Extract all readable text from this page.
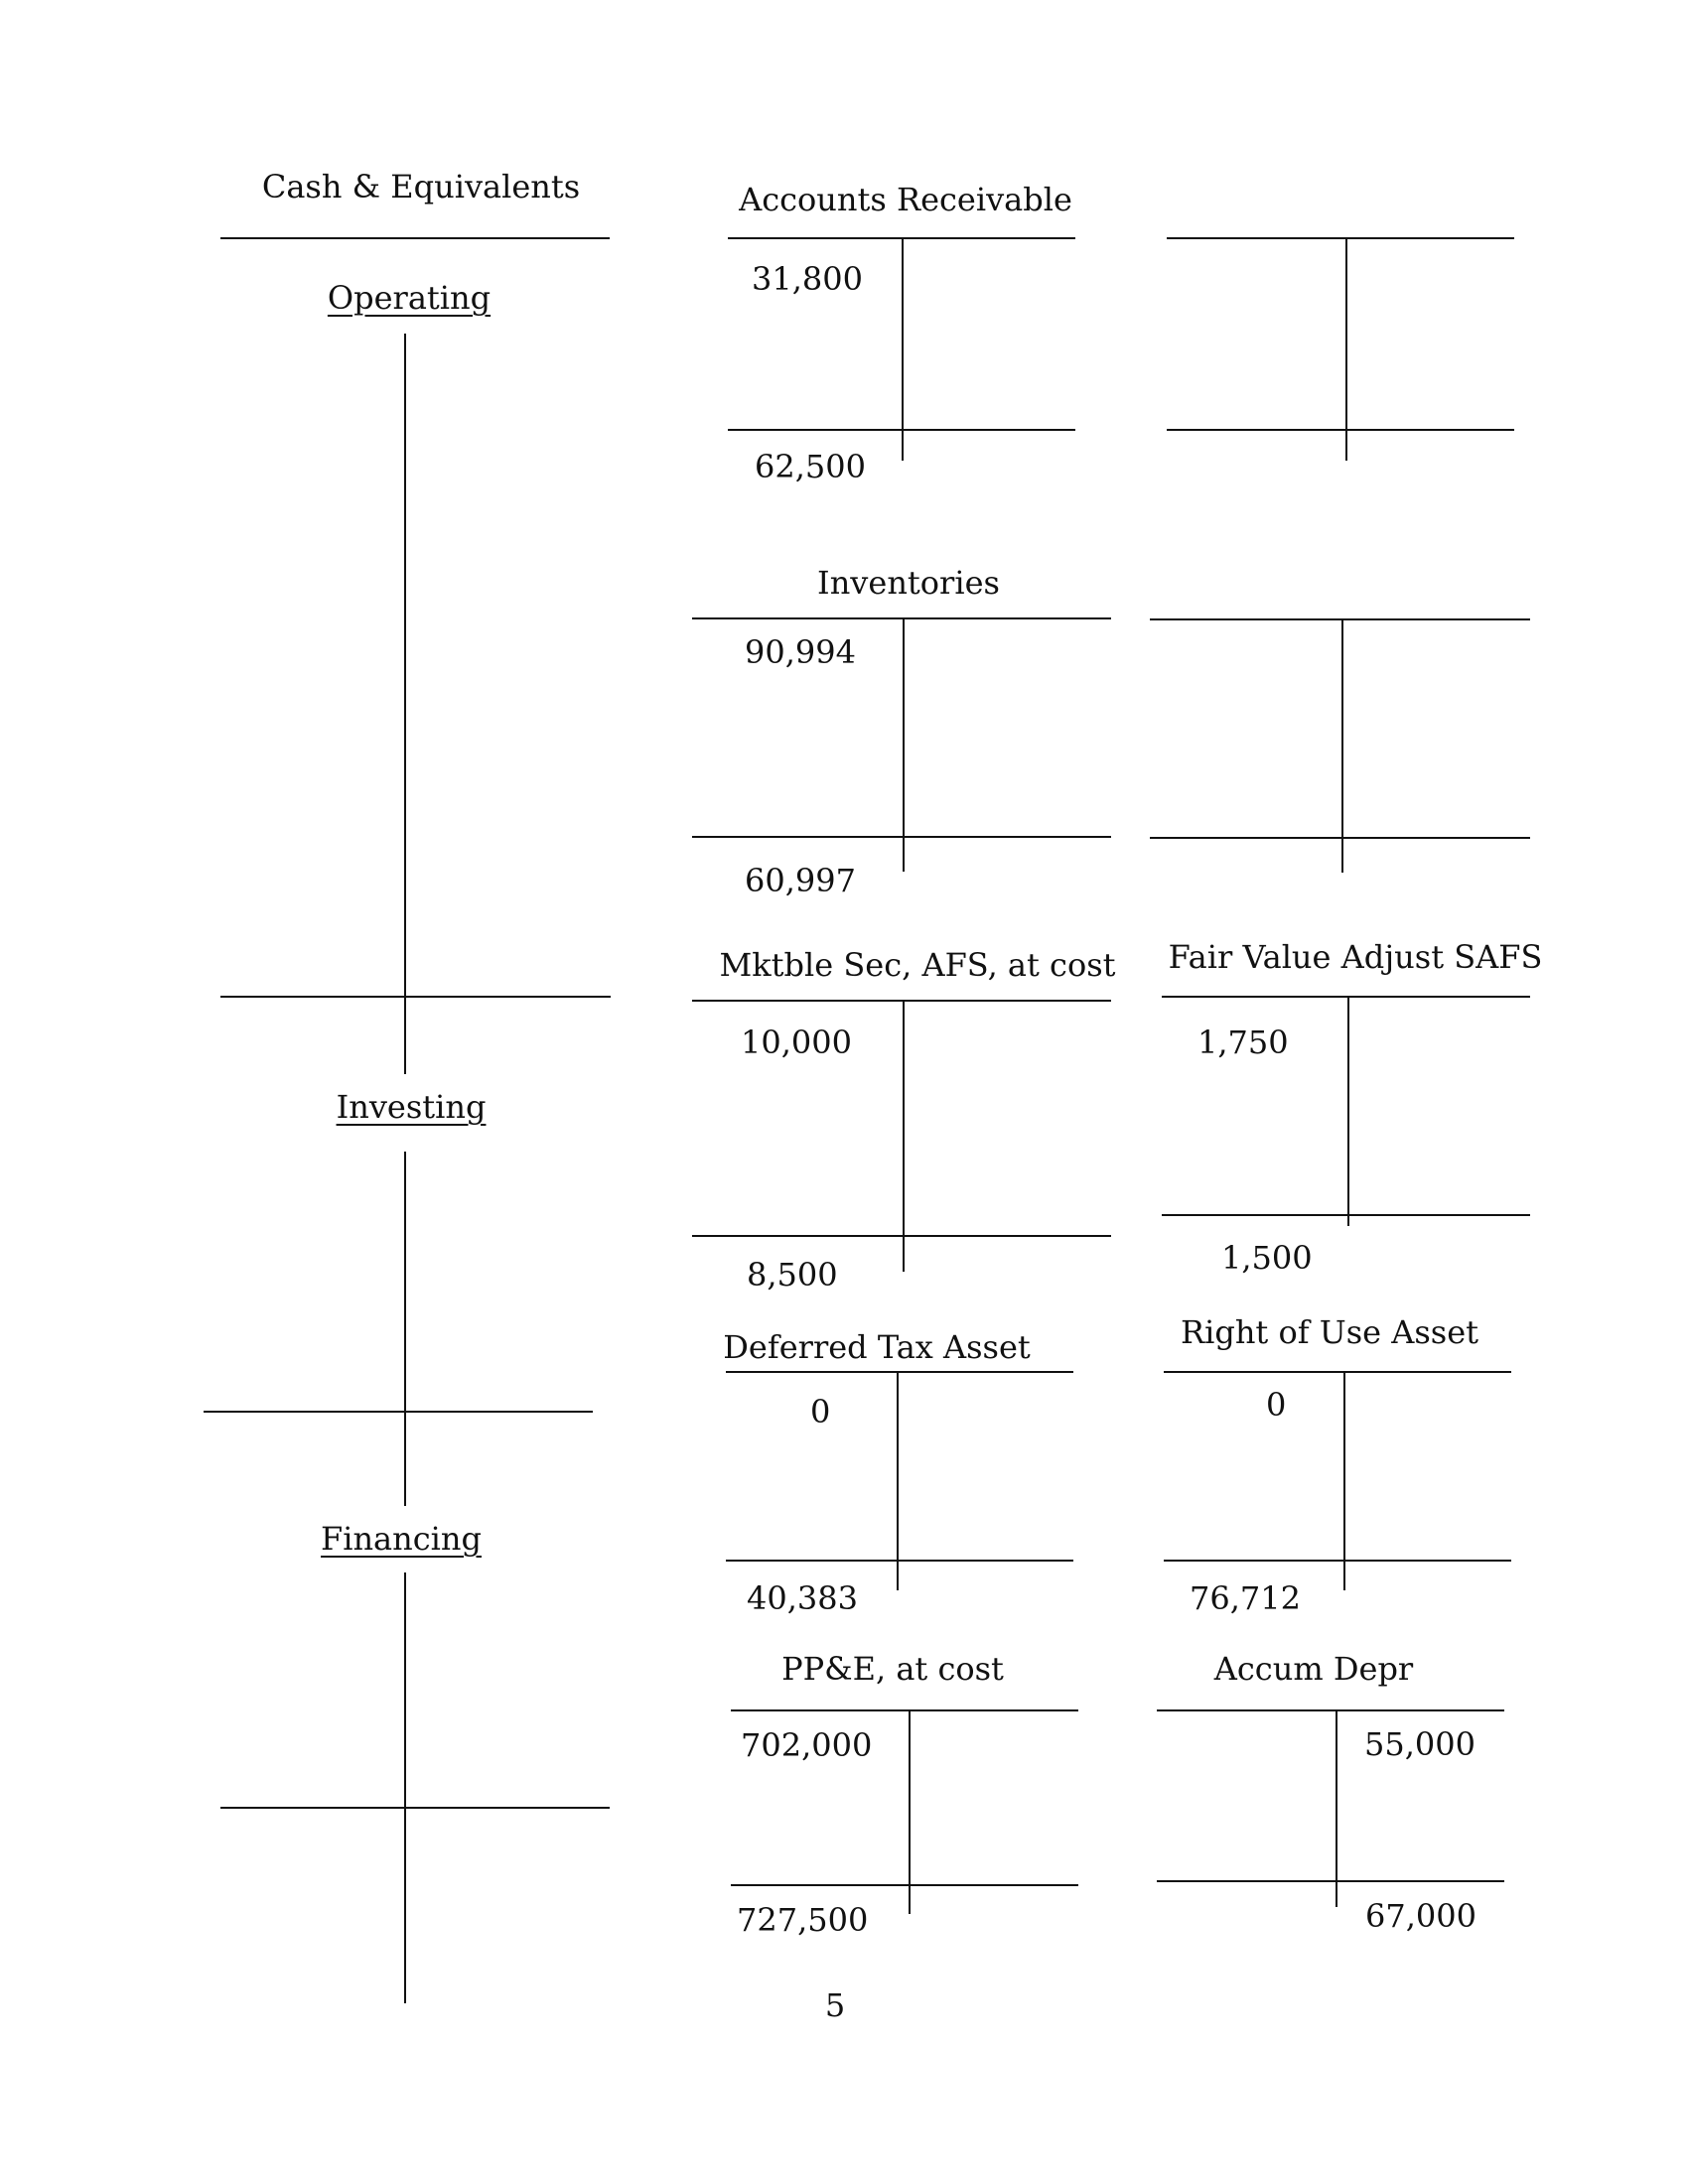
Cash & Equivalents
Operating
Investing
Financing
Accounts Receivable
31,800
62,500
Inventories
90,994
60,997
Mktble Sec, AFS, at cost
10,000
8,500
Fair Value Adjust SAFS
1,750
1,500
Deferred Tax Asset
0
40,383
Right of Use Asset
0
76,712
PP&E, at cost
702,000
727,500
Accum Depr
55,000
67,000
5
